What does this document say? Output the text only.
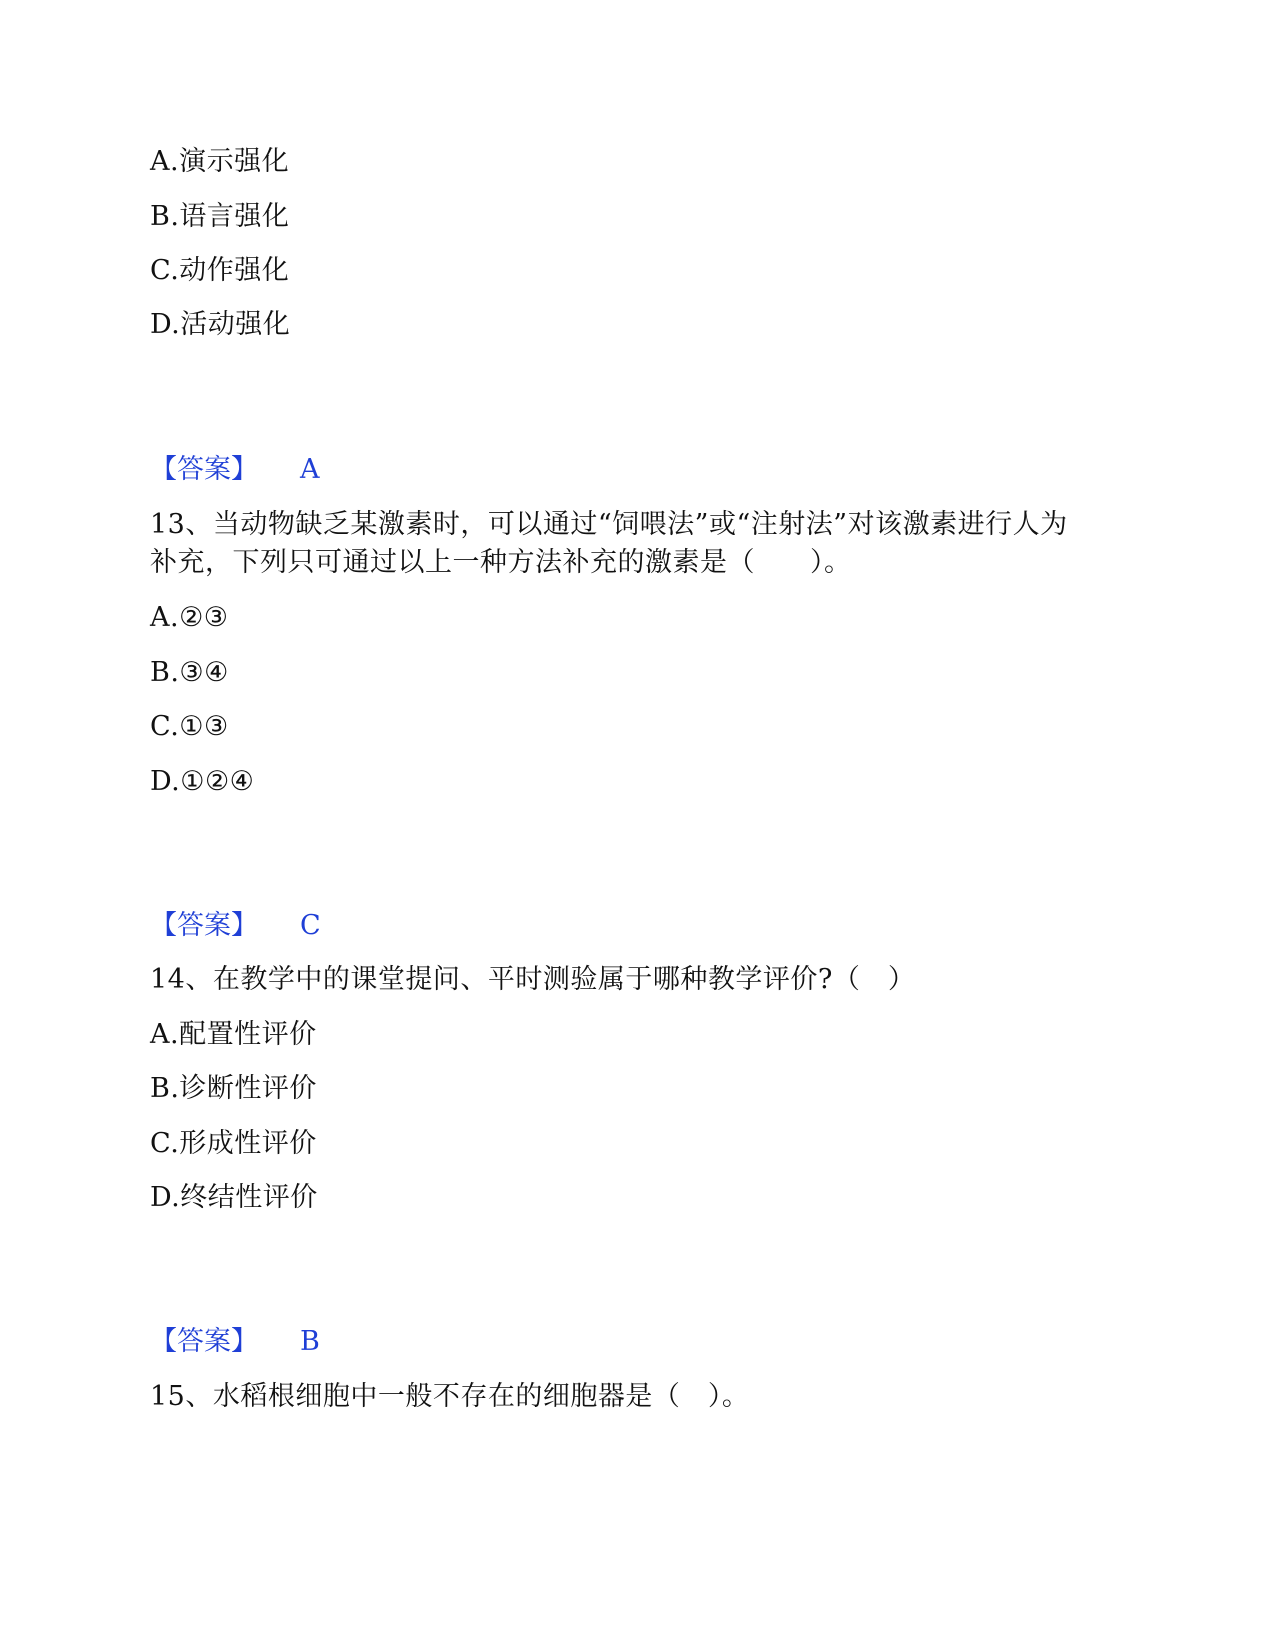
A.演示强化
B.语言强化
C.动作强化
D.活动强化
【答案】 A
13、当动物缺乏某激素时，可以通过“饲喂法”或“注射法”对该激素进行人为
补充，下列只可通过以上一种方法补充的激素是（　　）。
A.②③
B.③④
C.①③
D.①②④
【答案】 C
14、在教学中的课堂提问、平时测验属于哪种教学评价?（　）
A.配置性评价
B.诊断性评价
C.形成性评价
D.终结性评价
【答案】 B
15、水稻根细胞中一般不存在的细胞器是（　）。
